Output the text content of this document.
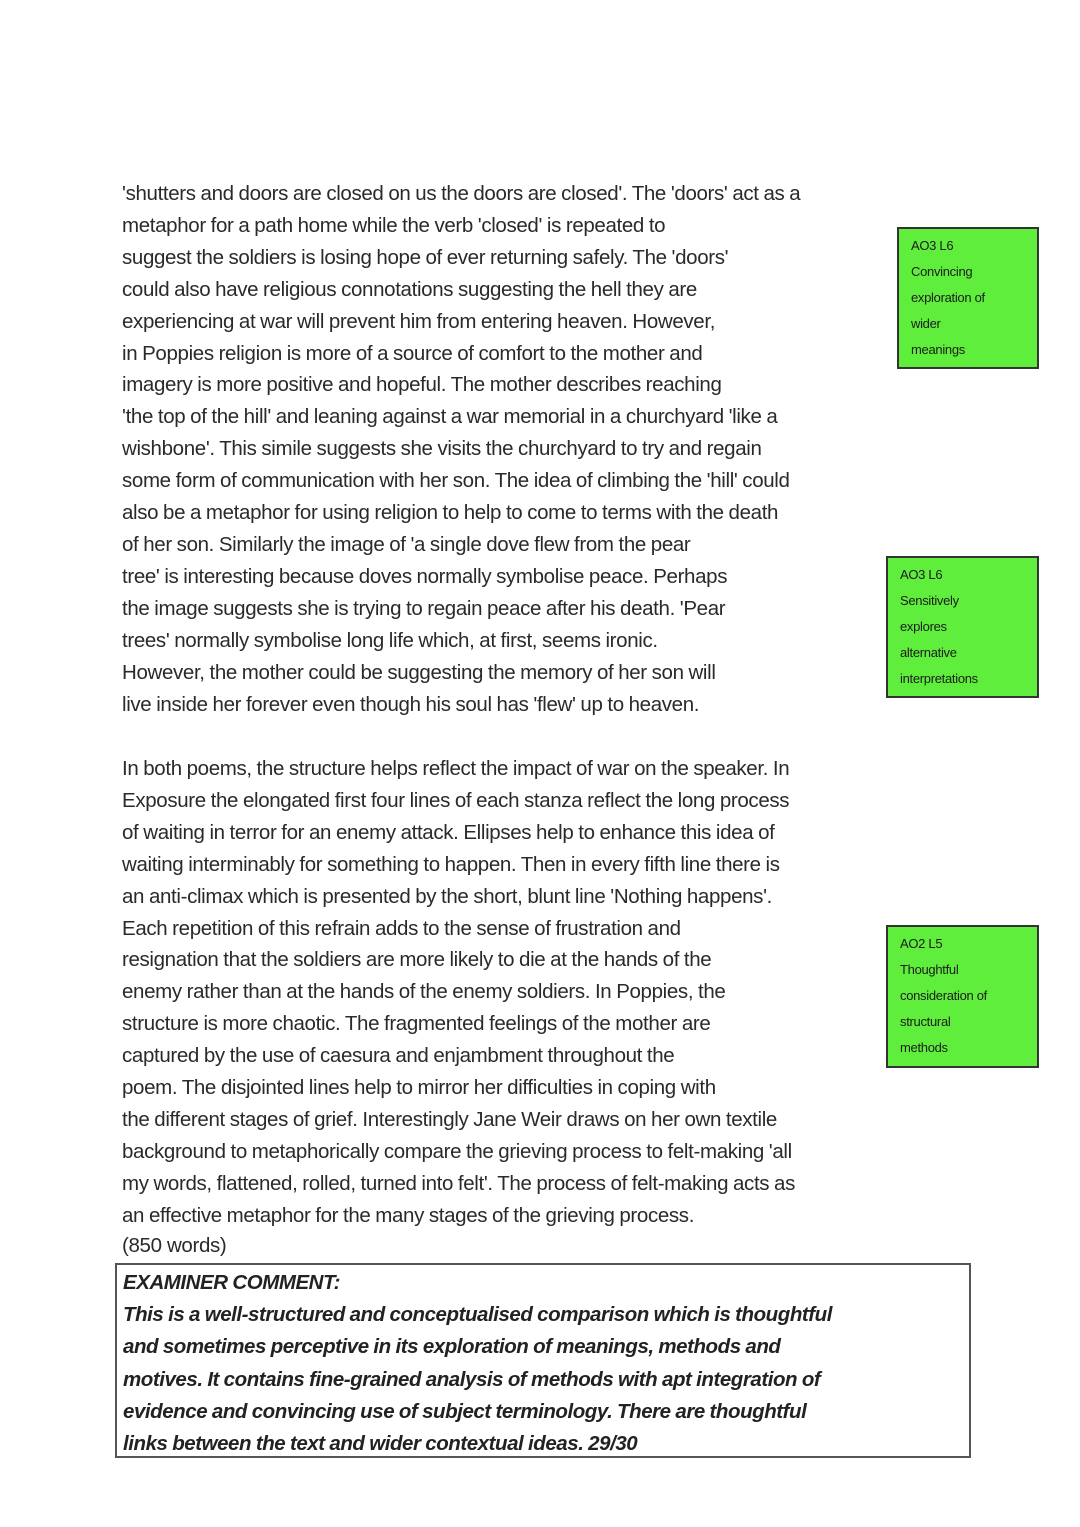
'shutters and doors are closed on us the doors are closed'. The 'doors' act as a
metaphor for a path home while the verb 'closed' is repeated to
suggest the soldiers is losing hope of ever returning safely. The 'doors'
could also have religious connotations suggesting the hell they are
experiencing at war will prevent him from entering heaven. However,
in Poppies religion is more of a source of comfort to the mother and
imagery is more positive and hopeful. The mother describes reaching
'the top of the hill' and leaning against a war memorial in a churchyard 'like a
wishbone'. This simile suggests she visits the churchyard to try and regain
some form of communication with her son. The idea of climbing the 'hill' could
also be a metaphor for using religion to help to come to terms with the death
of her son. Similarly the image of 'a single dove flew from the pear
tree' is interesting because doves normally symbolise peace. Perhaps
the image suggests she is trying to regain peace after his death. 'Pear
trees' normally symbolise long life which, at first, seems ironic.
However, the mother could be suggesting the memory of her son will
live inside her forever even though his soul has 'flew' up to heaven.
AO3 L6
Convincing
exploration of
wider
meanings
AO3 L6
Sensitively
explores
alternative
interpretations
In both poems, the structure helps reflect the impact of war on the speaker. In
Exposure the elongated first four lines of each stanza reflect the long process
of waiting in terror for an enemy attack. Ellipses help to enhance this idea of
waiting interminably for something to happen. Then in every fifth line there is
an anti-climax which is presented by the short, blunt line 'Nothing happens'.
Each repetition of this refrain adds to the sense of frustration and
resignation that the soldiers are more likely to die at the hands of the
enemy rather than at the hands of the enemy soldiers. In Poppies, the
structure is more chaotic. The fragmented feelings of the mother are
captured by the use of caesura and enjambment throughout the
poem. The disjointed lines help to mirror her difficulties in coping with
the different stages of grief. Interestingly Jane Weir draws on her own textile
background to metaphorically compare the grieving process to felt-making 'all
my words, flattened, rolled, turned into felt'. The process of felt-making acts as
an effective metaphor for the many stages of the grieving process.
AO2 L5
Thoughtful
consideration of
structural
methods
(850 words)
EXAMINER COMMENT:
This is a well-structured and conceptualised comparison which is thoughtful
and sometimes perceptive in its exploration of meanings, methods and
motives. It contains fine-grained analysis of methods with apt integration of
evidence and convincing use of subject terminology. There are thoughtful
links between the text and wider contextual ideas. 29/30
